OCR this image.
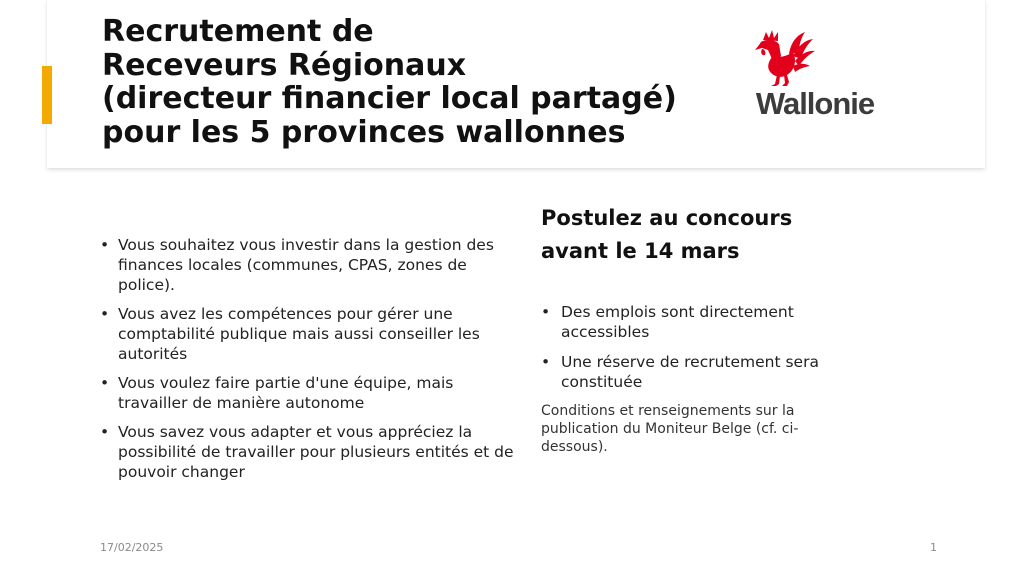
Recrutement de
Receveurs Régionaux
(directeur financier local partagé)
pour les 5 provinces wallonnes
Wallonie
• Vous souhaitez vous investir dans la gestion des finances locales (communes, CPAS, zones de police).
• Vous avez les compétences pour gérer une comptabilité publique mais aussi conseiller les autorités
• Vous voulez faire partie d'une équipe, mais travailler de manière autonome
• Vous savez vous adapter et vous appréciez la possibilité de travailler pour plusieurs entités et de pouvoir changer
Postulez au concours
avant le 14 mars
• Des emplois sont directement accessibles
• Une réserve de recrutement sera constituée

Conditions et renseignements sur la publication du Moniteur Belge (cf. ci-dessous).

17/02/2025	1
